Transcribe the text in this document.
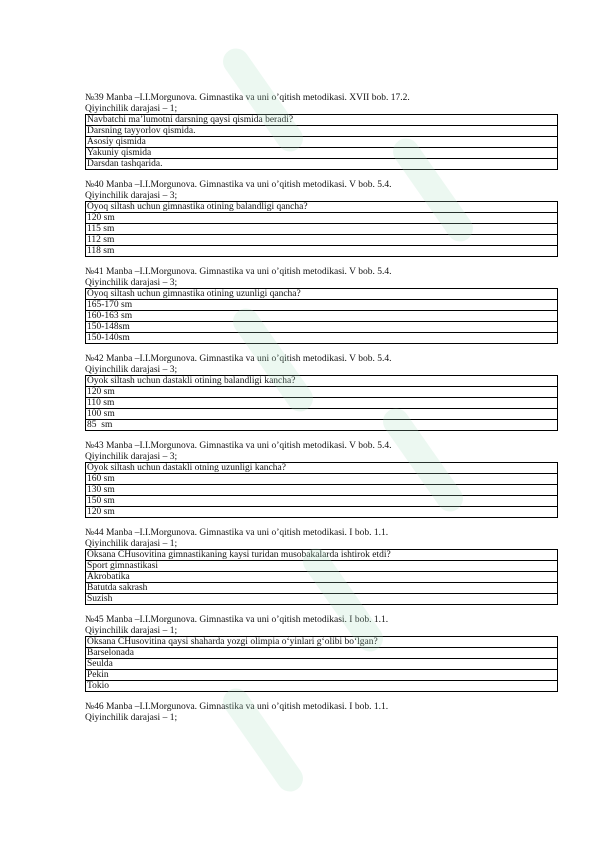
№39 Manba –I.I.Morgunova. Gimnastika va uni o’qitish metodikasi. XVII bob. 17.2.
Qiyinchilik darajasi – 1;
Navbatchi ma’lumotni darsning qaysi qismida beradi?
Darsning tayyorlov qismida.
Asosiy qismida
Yakuniy qismida
Darsdan tashqarida.
№40 Manba –I.I.Morgunova. Gimnastika va uni o’qitish metodikasi. V bob. 5.4.
Qiyinchilik darajasi – 3;
Oyoq siltash uchun gimnastika otining balandligi qancha?
120 sm
115 sm
112 sm
118 sm
№41 Manba –I.I.Morgunova. Gimnastika va uni o’qitish metodikasi. V bob. 5.4.
Qiyinchilik darajasi – 3;
Oyoq siltash uchun gimnastika otining uzunligi qancha?
165-170 sm
160-163 sm
150-148sm
150-140sm
№42 Manba –I.I.Morgunova. Gimnastika va uni o’qitish metodikasi. V bob. 5.4.
Qiyinchilik darajasi – 3;
Oyok siltash uchun dastakli otining balandligi kancha?
120 sm
110 sm
100 sm
85  sm
№43 Manba –I.I.Morgunova. Gimnastika va uni o’qitish metodikasi. V bob. 5.4.
Qiyinchilik darajasi – 3;
Oyok siltash uchun dastakli otning uzunligi kancha?
160 sm
130 sm
150 sm
120 sm
№44 Manba –I.I.Morgunova. Gimnastika va uni o’qitish metodikasi. I bob. 1.1.
Qiyinchilik darajasi – 1;
Oksana CHusovitina gimnastikaning kaysi turidan musobakalarda ishtirok etdi?
Sport gimnastikasi
Akrobatika
Batutda sakrash
Suzish
№45 Manba –I.I.Morgunova. Gimnastika va uni o’qitish metodikasi. I bob. 1.1.
Qiyinchilik darajasi – 1;
Oksana CHusovitina qaysi shaharda yozgi olimpia o‘yinlari g‘olibi bo‘lgan?
Barselonada
Seulda
Pekin
Tokio
№46 Manba –I.I.Morgunova. Gimnastika va uni o’qitish metodikasi. I bob. 1.1.
Qiyinchilik darajasi – 1;
